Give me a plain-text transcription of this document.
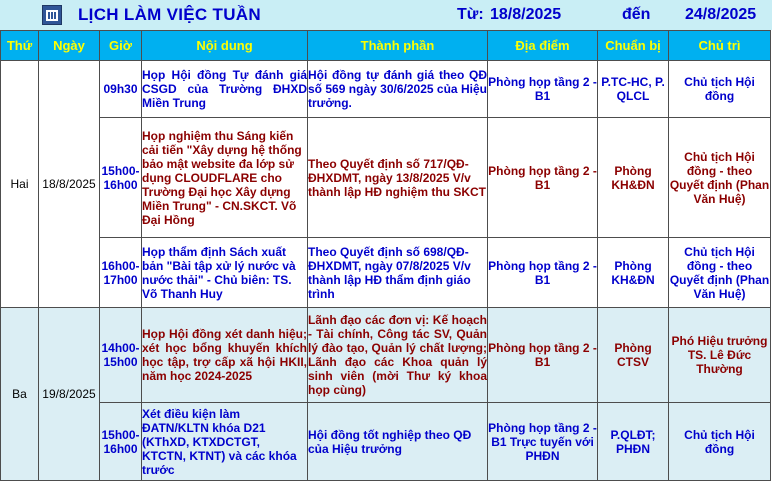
LỊCH LÀM VIỆC TUẦN	Từ: 18/8/2025	đến 24/8/2025
Thứ	Ngày	Giờ	Nội dung	Thành phần	Địa điểm	Chuẩn bị	Chủ trì
Hai	18/8/2025	09h30	Họp Hội đồng Tự đánh giá CSGD của Trường ĐHXD Miền Trung	Hội đồng tự đánh giá theo QĐ số 569 ngày 30/6/2025 của Hiệu trưởng.	Phòng họp tầng 2 - B1	P.TC-HC, P. QLCL	Chủ tịch Hội đồng
		15h00-16h00	Họp nghiệm thu Sáng kiến cải tiến "Xây dựng hệ thống bảo mật website đa lớp sử dụng CLOUDFLARE cho Trường Đại học Xây dựng Miền Trung" - CN.SKCT. Võ Đại Hồng	Theo Quyết định số 717/QĐ-ĐHXDMT, ngày 13/8/2025 V/v thành lập HĐ nghiệm thu SKCT	Phòng họp tầng 2 - B1	Phòng KH&ĐN	Chủ tịch Hội đồng - theo Quyết định (Phan Văn Huệ)
		16h00-17h00	Họp thẩm định Sách xuất bản "Bài tập xử lý nước và nước thải" - Chủ biên: TS. Võ Thanh Huy	Theo Quyết định số 698/QĐ-ĐHXDMT, ngày 07/8/2025 V/v thành lập HĐ thẩm định giáo trình	Phòng họp tầng 2 - B1	Phòng KH&ĐN	Chủ tịch Hội đồng - theo Quyết định (Phan Văn Huệ)
Ba	19/8/2025	14h00-15h00	Họp Hội đồng xét danh hiệu; xét học bổng khuyến khích học tập, trợ cấp xã hội HKII, năm học 2024-2025	Lãnh đạo các đơn vị: Kế hoạch - Tài chính, Công tác SV, Quản lý đào tạo, Quản lý chất lượng; Lãnh đạo các Khoa quản lý sinh viên (mời Thư ký khoa họp cùng)	Phòng họp tầng 2 - B1	Phòng CTSV	Phó Hiệu trưởng TS. Lê Đức Thường
		15h00-16h00	Xét điều kiện làm ĐATN/KLTN khóa D21 (KThXD, KTXDCTGT, KTCTN, KTNT) và các khóa trước	Hội đồng tốt nghiệp theo QĐ của Hiệu trưởng	Phòng họp tầng 2 - B1 Trực tuyến với PHĐN	P.QLĐT; PHĐN	Chủ tịch Hội đồng
